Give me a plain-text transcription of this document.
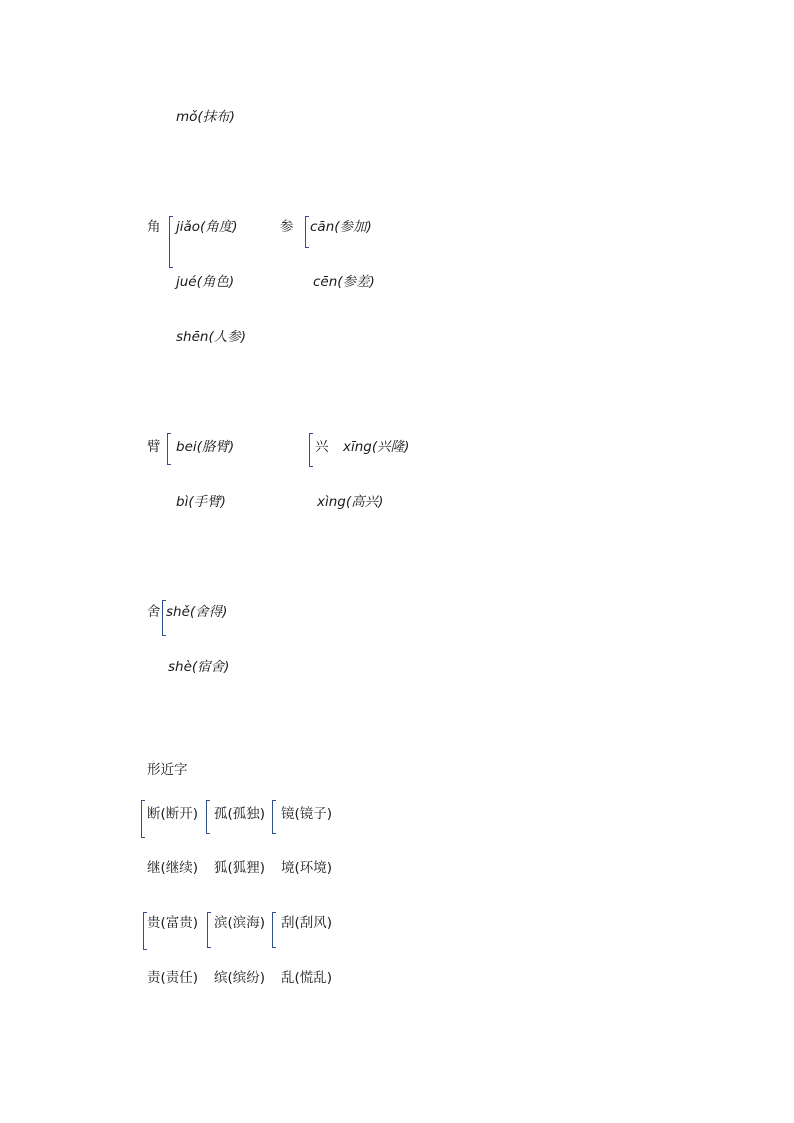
mǒ(抹布)
角 jiǎo(角度)
jué(角色)
参 cān(参加)
cēn(参差)
shēn(人参)
臂 bei(胳臂)
bì(手臂)
兴 xīng(兴隆)
xìng(高兴)
舍 shě(舍得)
shè(宿舍)
形近字
断(断开) 孤(孤独) 镜(镜子)
继(继续) 狐(狐狸) 境(环境)
贵(富贵) 滨(滨海) 刮(刮风)
责(责任) 缤(缤纷) 乱(慌乱)
